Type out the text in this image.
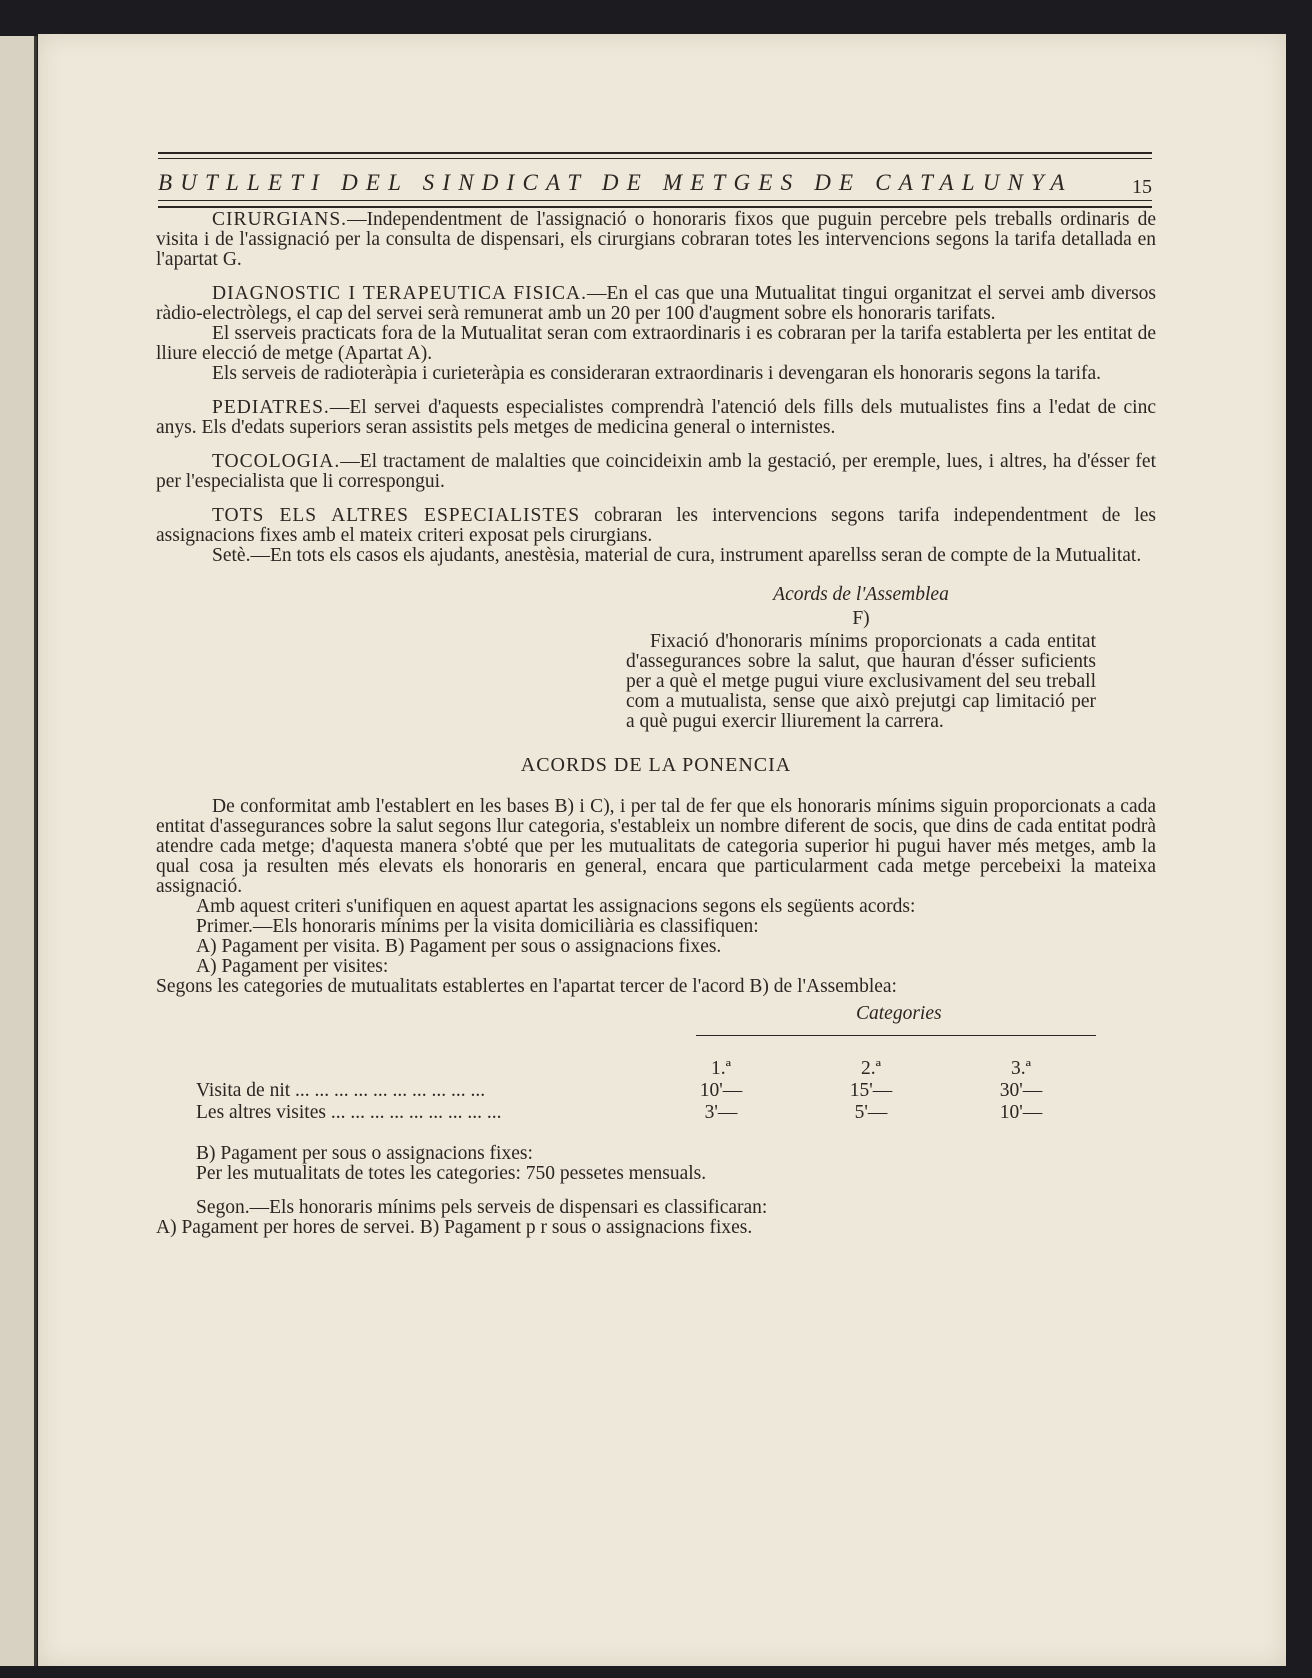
BUTLLETI DEL SINDICAT DE METGES DE CATALUNYA	15

CIRURGIANS.—Independentment de l'assignació o honoraris fixos que puguin percebre pels treballs ordinaris de visita i de l'assignació per la consulta de dispensari, els cirurgians cobraran totes les intervencions segons la tarifa detallada en l'apartat G.

DIAGNOSTIC I TERAPEUTICA FISICA.—En el cas que una Mutualitat tingui organitzat el servei amb diversos ràdio-electròlegs, el cap del servei serà remunerat amb un 20 per 100 d'augment sobre els honoraris tarifats.

El sserveis practicats fora de la Mutualitat seran com extraordinaris i es cobraran per la tarifa establerta per les entitat de lliure elecció de metge (Apartat A).

Els serveis de radioteràpia i curieteràpia es consideraran extraordinaris i devengaran els honoraris segons la tarifa.

PEDIATRES.—El servei d'aquests especialistes comprendrà l'atenció dels fills dels mutualistes fins a l'edat de cinc anys. Els d'edats superiors seran assistits pels metges de medicina general o internistes.

TOCOLOGIA.—El tractament de malalties que coincideixin amb la gestació, per eremple, lues, i altres, ha d'ésser fet per l'especialista que li correspongui.

TOTS ELS ALTRES ESPECIALISTES cobraran les intervencions segons tarifa independentment de les assignacions fixes amb el mateix criteri exposat pels cirurgians.

Setè.—En tots els casos els ajudants, anestèsia, material de cura, instrument aparellss seran de compte de la Mutualitat.

Acords de l'Assemblea
F)

Fixació d'honoraris mínims proporcionats a cada entitat d'assegurances sobre la salut, que hauran d'ésser suficients per a què el metge pugui viure exclusivament del seu treball com a mutualista, sense que això prejutgi cap limitació per a què pugui exercir lliurement la carrera.

ACORDS DE LA PONENCIA

De conformitat amb l'establert en les bases B) i C), i per tal de fer que els honoraris mínims siguin proporcionats a cada entitat d'assegurances sobre la salut segons llur categoria, s'estableix un nombre diferent de socis, que dins de cada entitat podrà atendre cada metge; d'aquesta manera s'obté que per les mutualitats de categoria superior hi pugui haver més metges, amb la qual cosa ja resulten més elevats els honoraris en general, encara que particularment cada metge percebeixi la mateixa assignació.

Amb aquest criteri s'unifiquen en aquest apartat les assignacions segons els següents acords:

Primer.—Els honoraris mínims per la visita domiciliària es classifiquen:

A) Pagament per visita. B) Pagament per sous o assignacions fixes.

A) Pagament per visites:

Segons les categories de mutualitats establertes en l'apartat tercer de l'acord B) de l'Assemblea:

Categories
	1.ª	2.ª	3.ª
Visita de nit ... ... ... ... ... ... ... ... ... ...	10'—	15'—	30'—
Les altres visites ... ... ... ... ... ... ... ... ...	3'—	5'—	10'—

B) Pagament per sous o assignacions fixes:

Per les mutualitats de totes les categories: 750 pessetes mensuals.

Segon.—Els honoraris mínims pels serveis de dispensari es classificaran:

A) Pagament per hores de servei. B) Pagament p r sous o assignacions fixes.
